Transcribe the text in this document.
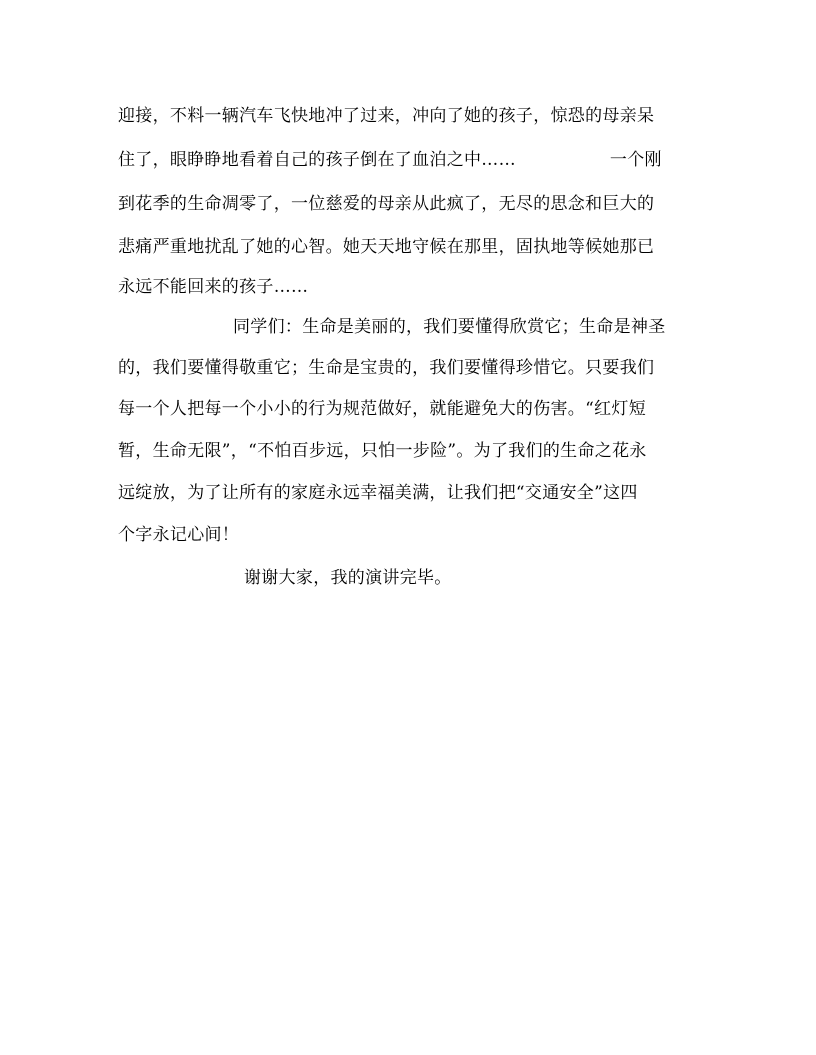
迎接，不料一辆汽车飞快地冲了过来，冲向了她的孩子，惊恐的母亲呆
住了，眼睁睁地看着自己的孩子倒在了血泊之中……	一个刚
到花季的生命凋零了，一位慈爱的母亲从此疯了，无尽的思念和巨大的
悲痛严重地扰乱了她的心智。她天天地守候在那里，固执地等候她那已
永远不能回来的孩子……
同学们：生命是美丽的，我们要懂得欣赏它；生命是神圣
的，我们要懂得敬重它；生命是宝贵的，我们要懂得珍惜它。只要我们
每一个人把每一个小小的行为规范做好，就能避免大的伤害。“红灯短
暂，生命无限”，“不怕百步远，只怕一步险”。为了我们的生命之花永
远绽放，为了让所有的家庭永远幸福美满，让我们把“交通安全”这四
个字永记心间！
谢谢大家，我的演讲完毕。
